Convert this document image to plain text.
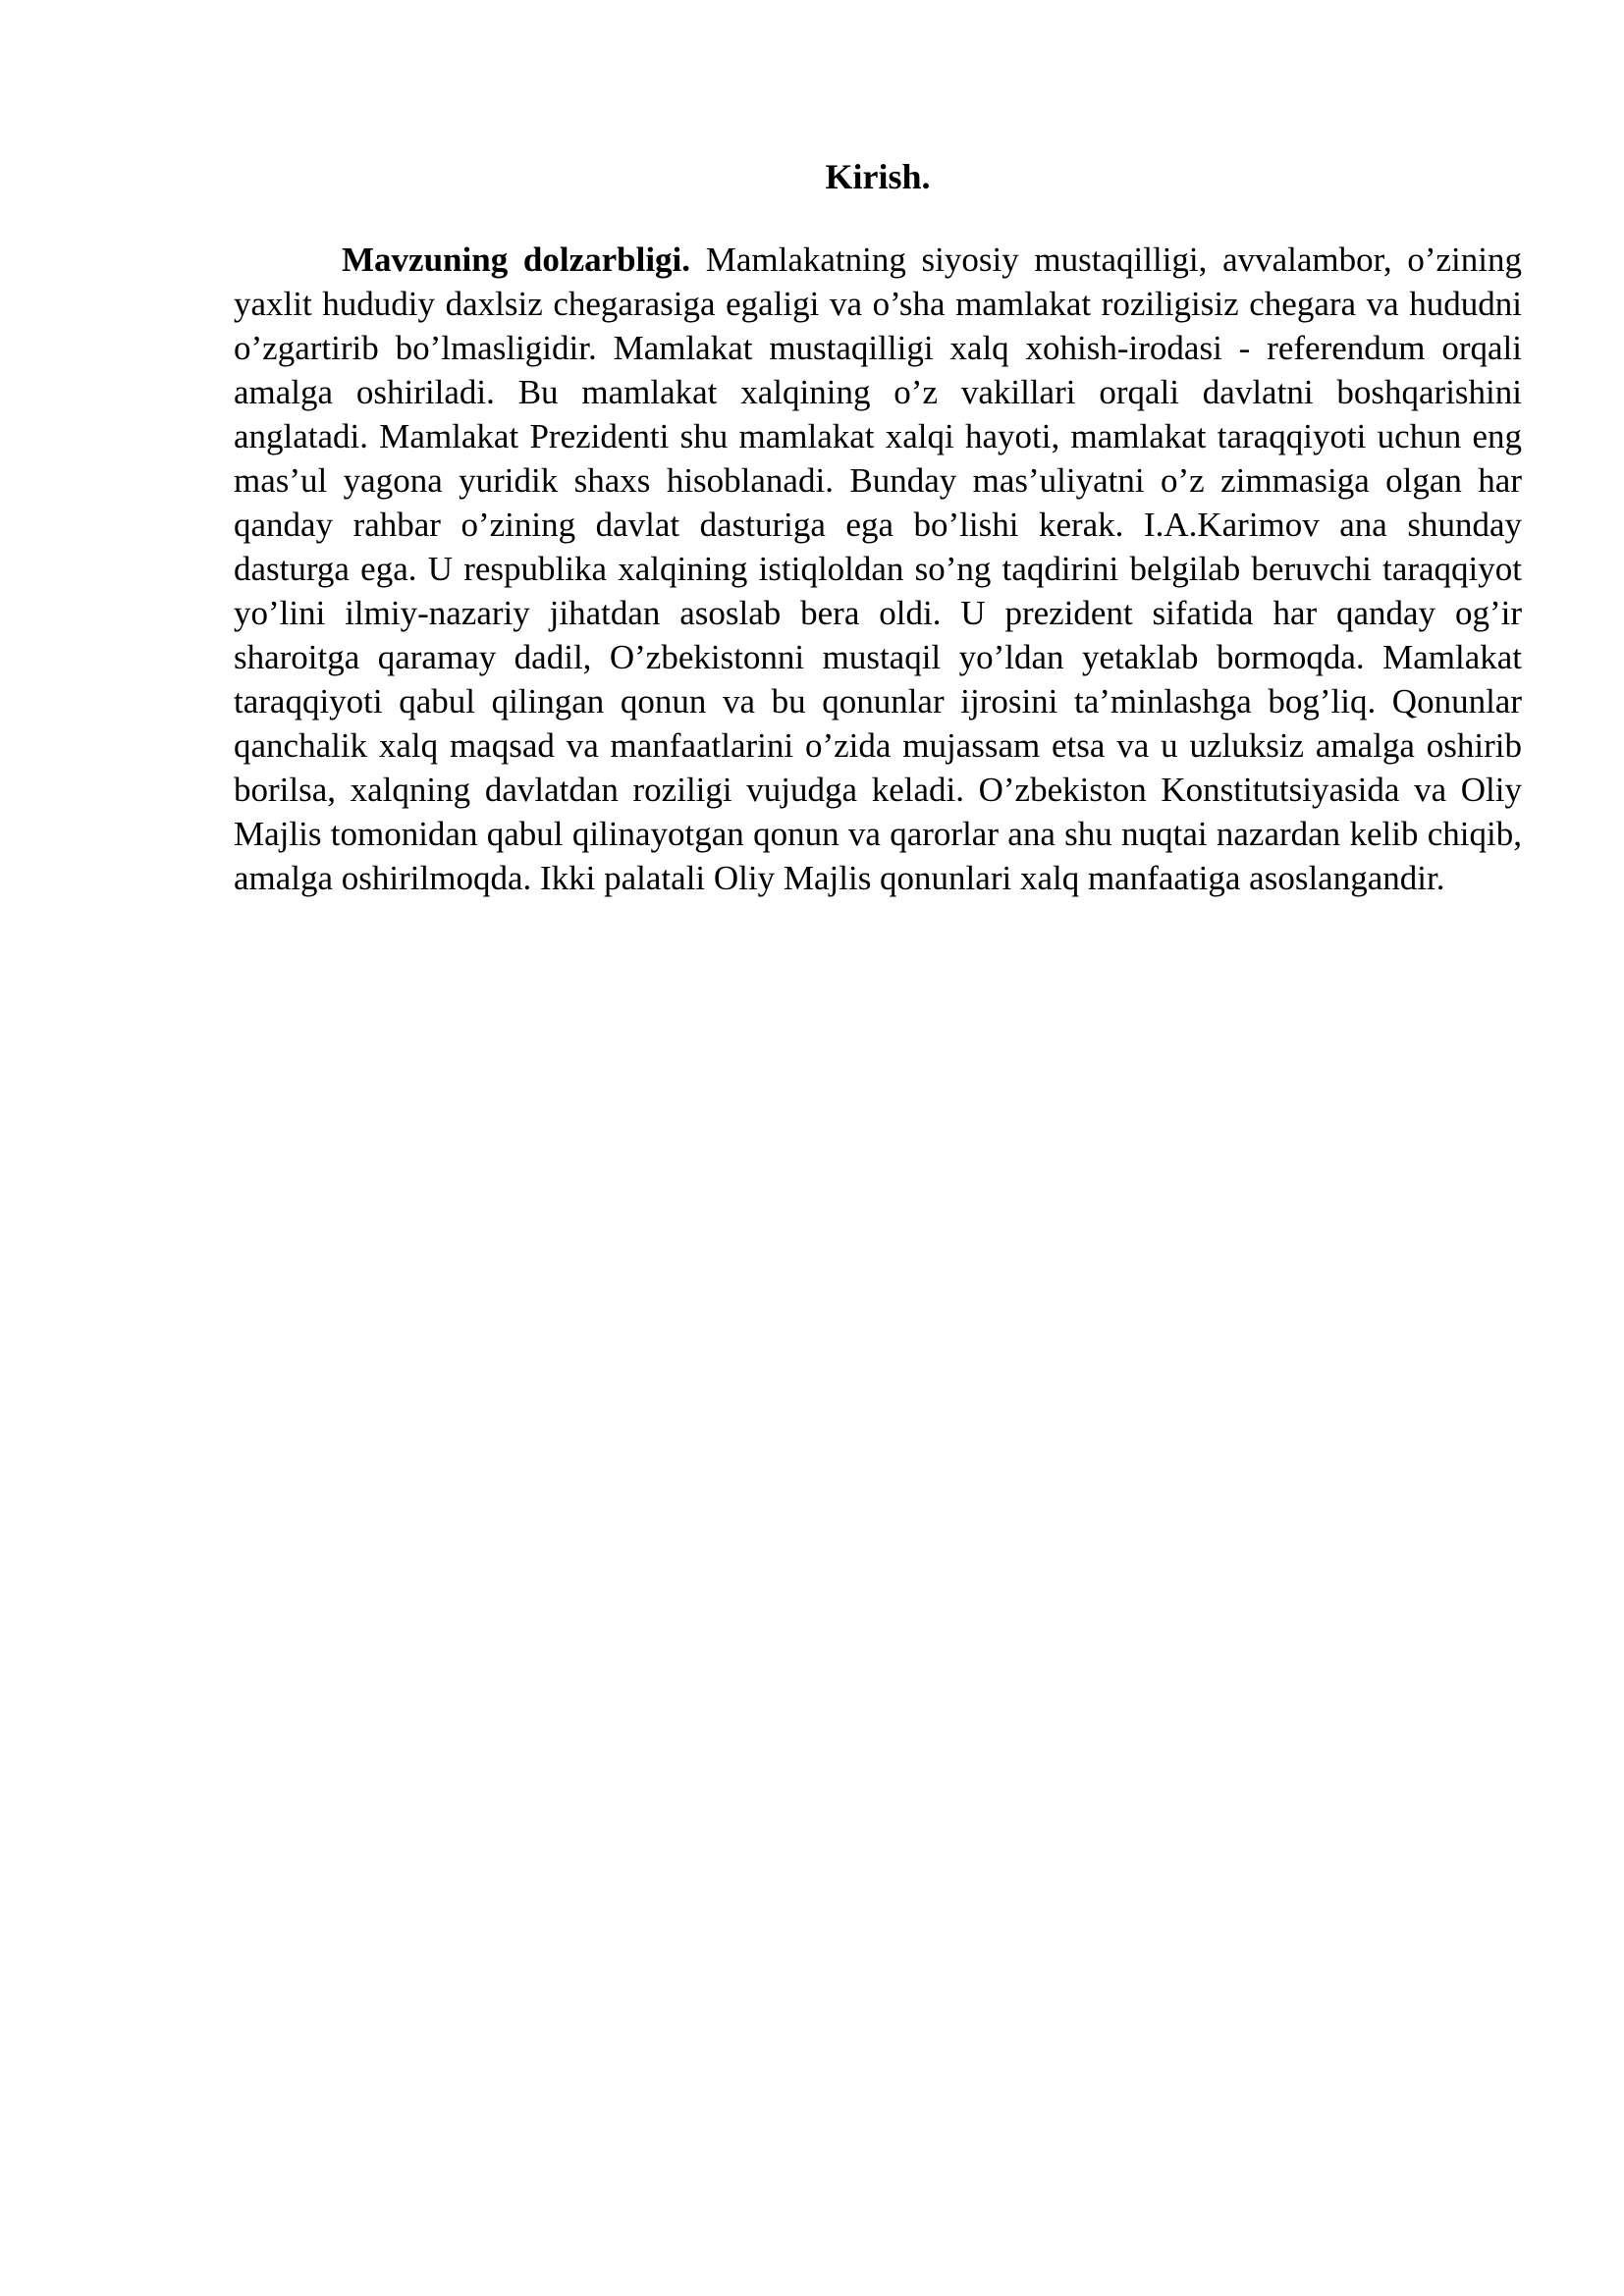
Kirish.

Mavzuning dolzarbligi. Mamlakatning siyosiy mustaqilligi, avvalambor, o’zining yaxlit hududiy daxlsiz chegarasiga egaligi va o’sha mamlakat roziligisiz chegara va hududni o’zgartirib bo’lmasligidir. Mamlakat mustaqilligi xalq xohish-irodasi - referendum orqali amalga oshiriladi. Bu mamlakat xalqining o’z vakillari orqali davlatni boshqarishini anglatadi. Mamlakat Prezidenti shu mamlakat xalqi hayoti, mamlakat taraqqiyoti uchun eng mas’ul yagona yuridik shaxs hisoblanadi. Bunday mas’uliyatni o’z zimmasiga olgan har qanday rahbar o’zining davlat dasturiga ega bo’lishi kerak. I.A.Karimov ana shunday dasturga ega. U respublika xalqining istiqloldan so’ng taqdirini belgilab beruvchi taraqqiyot yo’lini ilmiy-nazariy jihatdan asoslab bera oldi. U prezident sifatida har qanday og’ir sharoitga qaramay dadil, O’zbekistonni mustaqil yo’ldan yetaklab bormoqda. Mamlakat taraqqiyoti qabul qilingan qonun va bu qonunlar ijrosini ta’minlashga bog’liq. Qonunlar qanchalik xalq maqsad va manfaatlarini o’zida mujassam etsa va u uzluksiz amalga oshirib borilsa, xalqning davlatdan roziligi vujudga keladi. O’zbekiston Konstitutsiyasida va Oliy Majlis tomonidan qabul qilinayotgan qonun va qarorlar ana shu nuqtai nazardan kelib chiqib, amalga oshirilmoqda. Ikki palatali Oliy Majlis qonunlari xalq manfaatiga asoslangandir.
